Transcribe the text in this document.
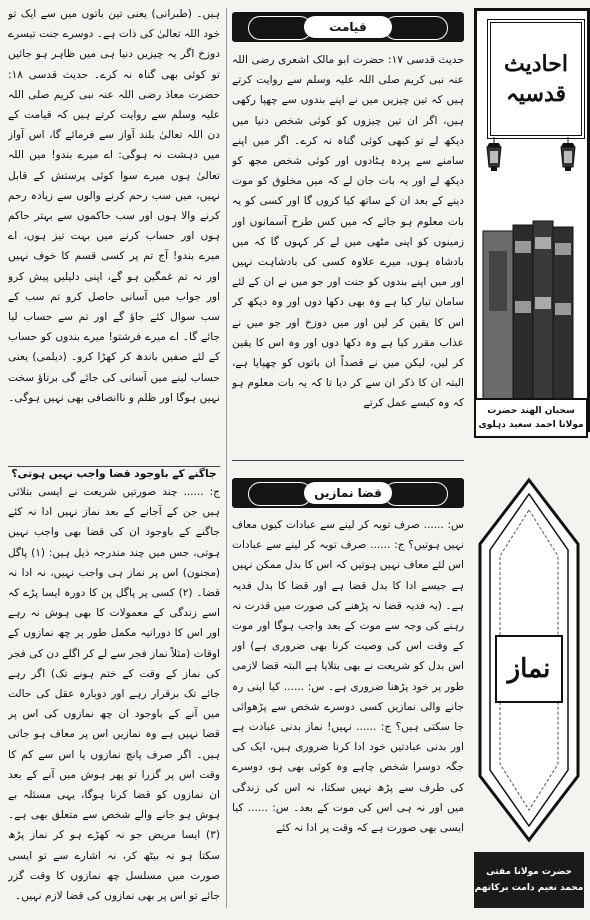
ہیں۔ (طبرانی) یعنی تین باتوں میں سے ایک تو خود اللہ تعالیٰ کی ذات ہے۔ دوسرے جنت تیسرے دوزخ اگر یہ چیزیں دنیا ہی میں ظاہر ہو جائیں تو کوئی بھی گناہ نہ کرے۔ حدیث قدسی ۱۸: حضرت معاذ رضی اللہ عنہ نبی کریم صلی اللہ علیہ وسلم سے روایت کرتے ہیں کہ قیامت کے دن اللہ تعالیٰ بلند آواز سے فرمائے گا، اس آواز میں دہشت نہ ہوگی: اے میرے بندو! میں اللہ تعالیٰ ہوں میرے سوا کوئی پرستش کے قابل نہیں، میں سب رحم کرنے والوں سے زیادہ رحم کرنے والا ہوں اور سب حاکموں سے بہتر حاکم ہوں اور حساب کرنے میں بہت تیز ہوں، اے میرے بندو! آج تم پر کسی قسم کا خوف نہیں اور نہ تم غمگین ہو گے، اپنی دلیلیں پیش کرو اور جواب میں آسانی حاصل کرو تم سب کے سب سوال کئے جاؤ گے اور تم سے حساب لیا جائے گا۔ اے میرے فرشتو! میرے بندوں کو حساب کے لئے صفیں باندھ کر کھڑا کرو۔ (دیلمی) یعنی حساب لینے میں آسانی کی جائے گی برتاؤ سخت نہیں ہوگا اور ظلم و ناانصافی بھی نہیں ہوگی۔

قیامت

حدیث قدسی ۱۷: حضرت ابو مالک اشعری رضی اللہ عنہ نبی کریم صلی اللہ علیہ وسلم سے روایت کرتے ہیں کہ تین چیزیں میں نے اپنے بندوں سے چھپا رکھی ہیں، اگر ان تین چیزوں کو کوئی شخص دنیا میں دیکھ لے تو کبھی کوئی گناہ نہ کرے۔ اگر میں اپنے سامنے سے پردہ ہٹادوں اور کوئی شخص مجھ کو دیکھ لے اور یہ بات جان لے کہ میں مخلوق کو موت دینے کے بعد ان کے ساتھ کیا کروں گا اور کسی کو یہ بات معلوم ہو جائے کہ میں کس طرح آسمانوں اور زمینوں کو اپنی مٹھی میں لے کر کہوں گا کہ میں بادشاہ ہوں، میرے علاوہ کسی کی بادشاہت نہیں اور میں اپنے بندوں کو جنت اور جو میں نے ان کے لئے سامان تیار کیا ہے وہ بھی دکھا دوں اور وہ دیکھ کر اس کا یقین کر لیں اور میں دوزخ اور جو میں نے عذاب مقرر کیا ہے وہ دکھا دوں اور وہ اس کا یقین کر لیں، لیکن میں نے قصداً ان باتوں کو چھپایا ہے، البتہ ان کا ذکر ان سے کر دیا تا کہ یہ بات معلوم ہو کہ وہ کیسے عمل کرتے

جاگنے کے باوجود قضا واجب نہیں ہوتی؟

ج: ...... چند صورتیں شریعت نے ایسی بتلائی ہیں جن کے آجانے کے بعد نماز نہیں ادا نہ کئے جاگنے کے باوجود ان کی قضا بھی واجب نہیں ہوتی، جس میں چند مندرجہ ذیل ہیں: (۱) پاگل (مجنون) اس پر نماز ہی واجب نہیں، نہ ادا نہ قضا۔ (۲) کسی پر پاگل پن کا دورہ ایسا پڑے کہ اسے زندگی کے معمولات کا بھی ہوش نہ رہے اور اس کا دورانیہ مکمل طور پر چھ نمازوں کے اوقات (مثلاً نماز فجر سے لے کر اگلے دن کی فجر کی نماز کے وقت کے ختم ہونے تک) اگر رہے جائے تک برقرار رہے اور دوبارہ عقل کی حالت میں آنے کے باوجود ان چھ نمازوں کی اس پر قضا نہیں ہے وہ نمازیں اس پر معاف ہو جاتی ہیں۔ اگر صرف پانچ نمازوں یا اس سے کم کا وقت اس پر گزرا تو پھر ہوش میں آنے کے بعد ان نمازوں کو قضا کرنا ہوگا، یہی مسئلہ بے ہوش ہو جانے والے شخص سے متعلق بھی ہے۔ (۳) ایسا مریض جو نہ کھڑے ہو کر نماز پڑھ سکتا ہو نہ بیٹھ کر، نہ اشارے سے تو ایسی صورت میں مسلسل چھ نمازوں کا وقت گزر جائے تو اس پر بھی نمازوں کی قضا لازم نہیں۔

قضا نمازیں

س: ...... صرف توبہ کر لینے سے عبادات کیوں معاف نہیں ہوتیں؟ ج: ...... صرف توبہ کر لینے سے عبادات اس لئے معاف نہیں ہوتیں کہ اس کا بدل ممکن نہیں ہے جیسے ادا کا بدل قضا ہے اور قضا کا بدل فدیہ ہے۔ (یہ فدیہ قضا نہ پڑھنے کی صورت میں قدرت نہ رہنے کی وجہ سے موت کے بعد واجب ہوگا اور موت کے وقت اس کی وصیت کرنا بھی ضروری ہے) اور اس بدل کو شریعت نے بھی بتلایا ہے البتہ قضا لازمی طور پر خود پڑھنا ضروری ہے۔ س: ...... کیا اپنی رہ جانے والی نمازیں کسی دوسرے شخص سے پڑھوائی جا سکتی ہیں؟ ج: ...... نہیں! نماز بدنی عبادت ہے اور بدنی عبادتیں خود ادا کرنا ضروری ہیں، ایک کی جگہ دوسرا شخص چاہے وہ کوئی بھی ہو، دوسرے کی طرف سے پڑھ نہیں سکتا، نہ اس کی زندگی میں اور نہ ہی اس کی موت کے بعد۔ س: ...... کیا ایسی بھی صورت ہے کہ وقت پر ادا نہ کئے

احادیث
قدسیہ
سحبان الھند حضرت
مولانا احمد سعید دہلوی
نماز
حضرت مولانا مفتی
محمد نعیم دامت برکاتھم
